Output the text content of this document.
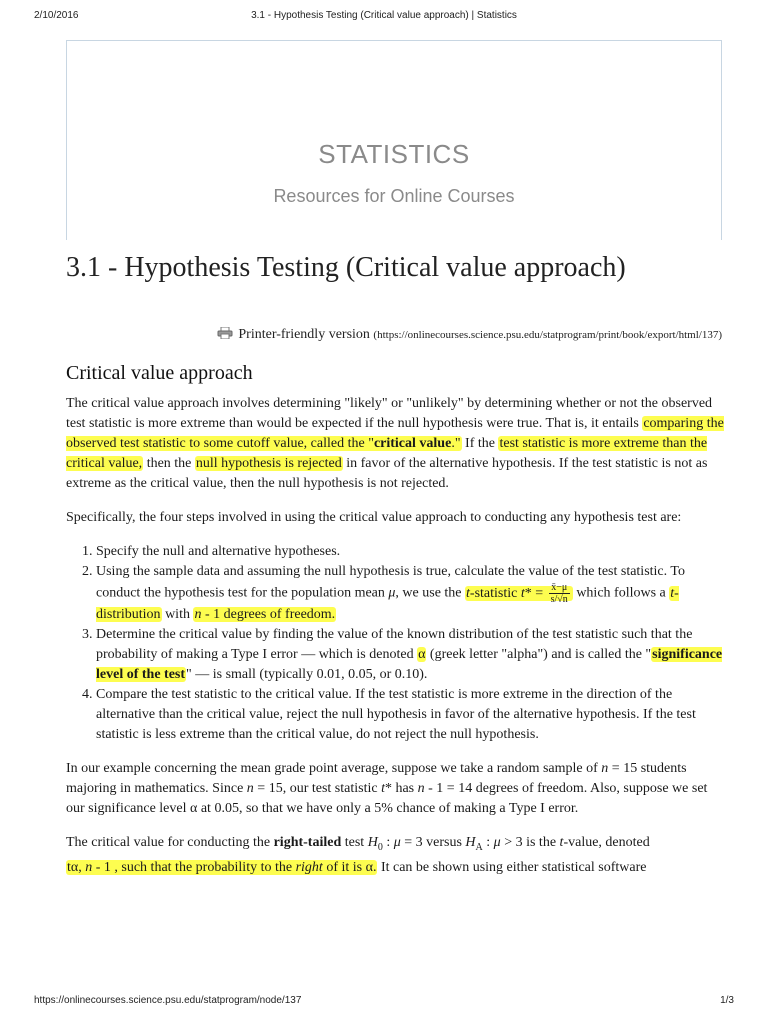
2/10/2016	3.1 - Hypothesis Testing (Critical value approach) | Statistics
STATISTICS
Resources for Online Courses
3.1 - Hypothesis Testing (Critical value approach)
Printer-friendly version (https://onlinecourses.science.psu.edu/statprogram/print/book/export/html/137)
Critical value approach

The critical value approach involves determining "likely" or "unlikely" by determining whether or not the observed test statistic is more extreme than would be expected if the null hypothesis were true. That is, it entails comparing the observed test statistic to some cutoff value, called the "critical value." If the test statistic is more extreme than the critical value, then the null hypothesis is rejected in favor of the alternative hypothesis. If the test statistic is not as extreme as the critical value, then the null hypothesis is not rejected.

Specifically, the four steps involved in using the critical value approach to conducting any hypothesis test are:

1. Specify the null and alternative hypotheses.
2. Using the sample data and assuming the null hypothesis is true, calculate the value of the test statistic. To conduct the hypothesis test for the population mean μ, we use the t-statistic $t* = \frac{x̄-\mu}{s/√n}$ which follows a t-distribution with n - 1 degrees of freedom.
3. Determine the critical value by finding the value of the known distribution of the test statistic such that the probability of making a Type I error — which is denoted α (greek letter "alpha") and is called the "significance level of the test" — is small (typically 0.01, 0.05, or 0.10).
4. Compare the test statistic to the critical value. If the test statistic is more extreme in the direction of the alternative than the critical value, reject the null hypothesis in favor of the alternative hypothesis. If the test statistic is less extreme than the critical value, do not reject the null hypothesis.

In our example concerning the mean grade point average, suppose we take a random sample of n = 15 students majoring in mathematics. Since n = 15, our test statistic t* has n - 1 = 14 degrees of freedom. Also, suppose we set our significance level α at 0.05, so that we have only a 5% chance of making a Type I error.

The critical value for conducting the right-tailed test $H_0$ : μ = 3 versus $H_A$ : μ > 3 is the t-value, denoted
tα, n - 1 , such that the probability to the right of it is α. It can be shown using either statistical software

https://onlinecourses.science.psu.edu/statprogram/node/137	1/3
